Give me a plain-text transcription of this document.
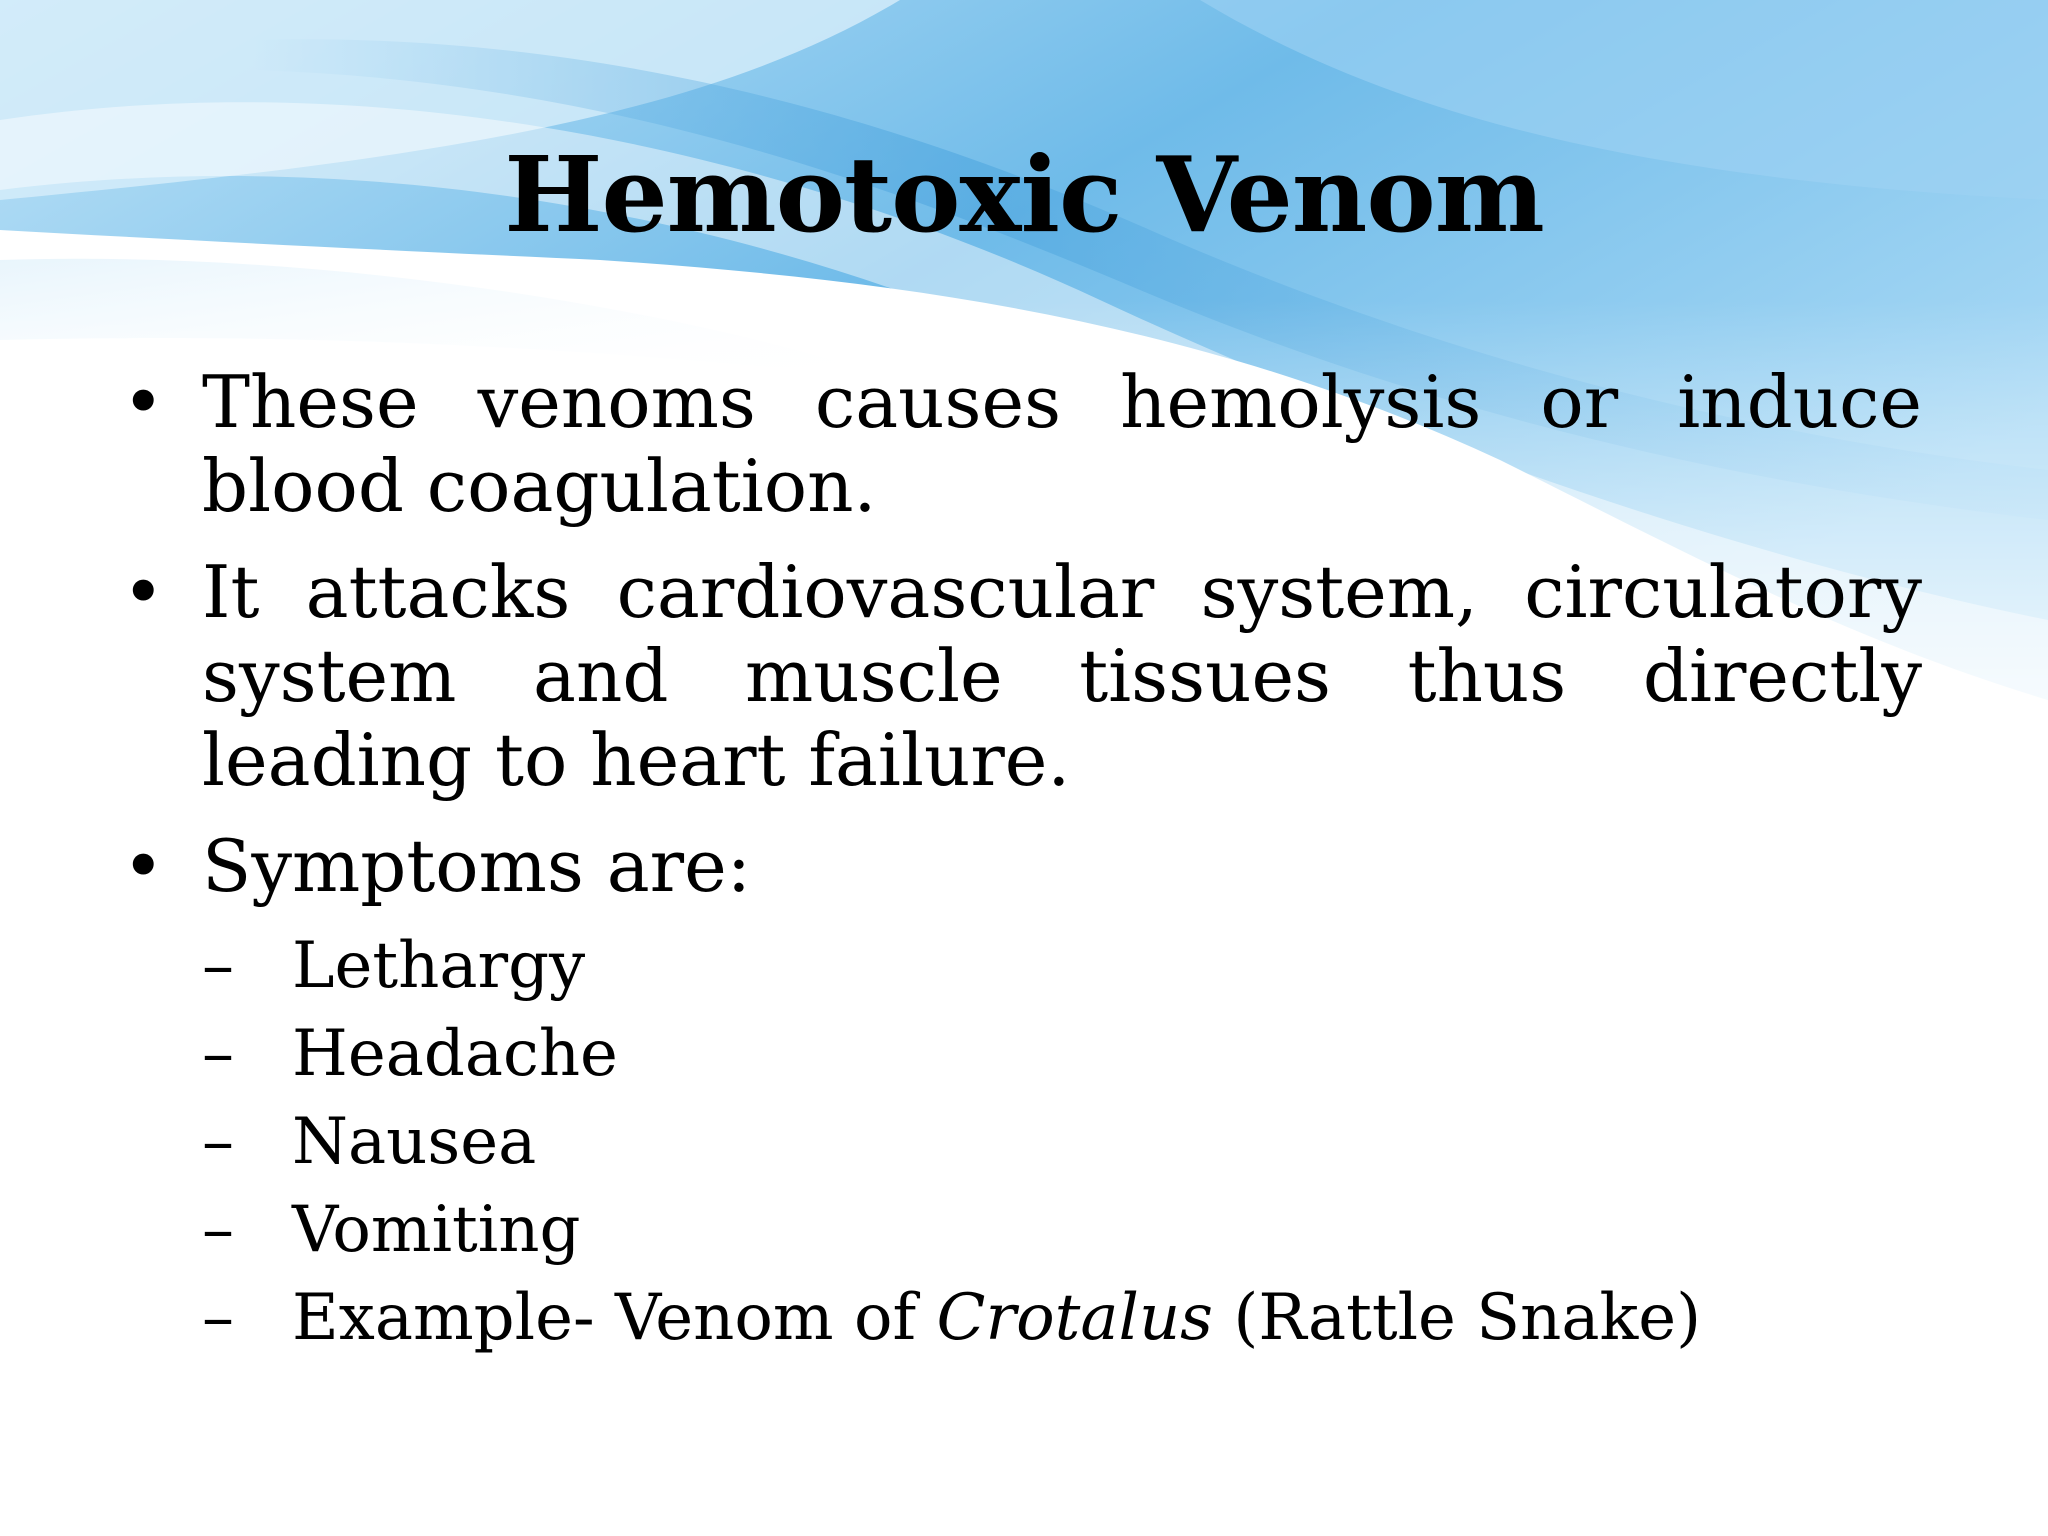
Hemotoxic Venom
• These venoms causes hemolysis or induce blood coagulation.
• It attacks cardiovascular system, circulatory system and muscle tissues thus directly leading to heart failure.
• Symptoms are:
– Lethargy
– Headache
– Nausea
– Vomiting
– Example- Venom of Crotalus (Rattle Snake)
